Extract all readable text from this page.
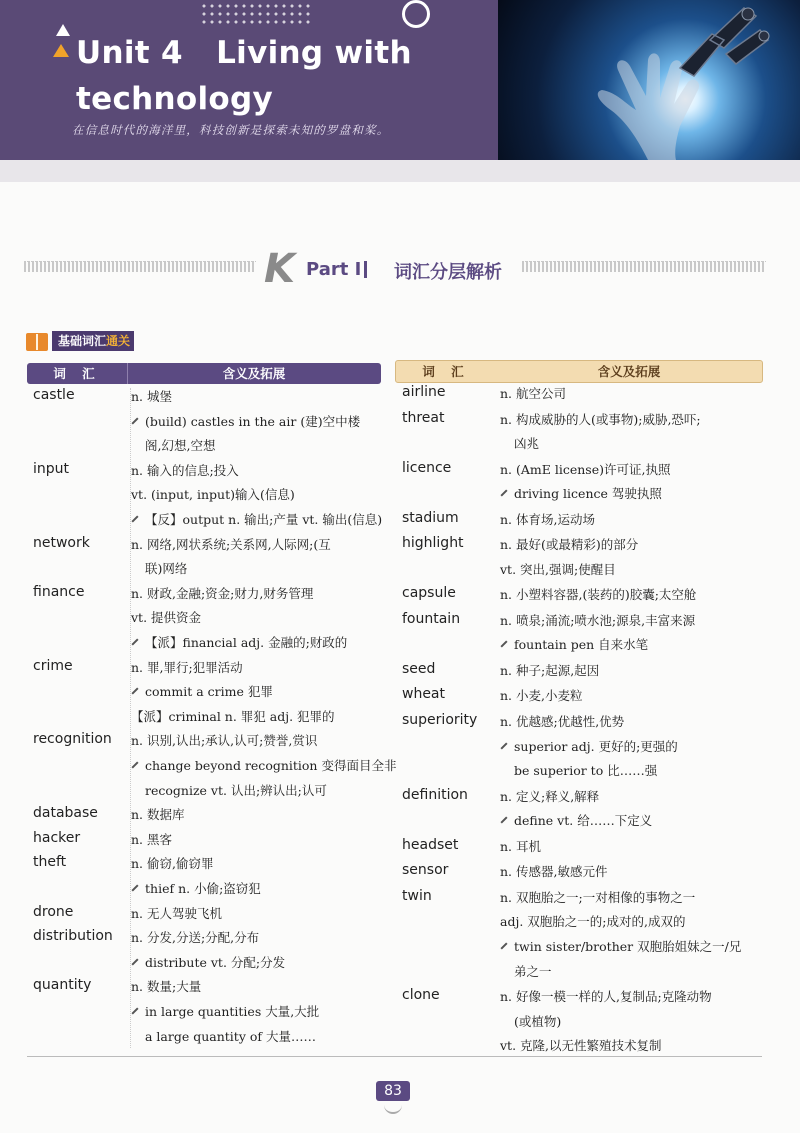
Unit 4   Living with
technology
在信息时代的海洋里，科技创新是探索未知的罗盘和桨。
K Part Ⅰ 词汇分层解析
基础词汇通关
词 汇	含义及拓展	词 汇	含义及拓展
castle	n. 城堡
(build) castles in the air (建)空中楼
阁,幻想,空想
input	n. 输入的信息;投入
vt. (input, input)输入(信息)
【反】output n. 输出;产量 vt. 输出(信息)
network	n. 网络,网状系统;关系网,人际网;(互
联)网络
finance	n. 财政,金融;资金;财力,财务管理
vt. 提供资金
【派】financial adj. 金融的;财政的
crime	n. 罪,罪行;犯罪活动
commit a crime 犯罪
【派】criminal n. 罪犯 adj. 犯罪的
recognition n. 识别,认出;承认,认可;赞誉,赏识
change beyond recognition 变得面目全非
recognize vt. 认出;辨认出;认可
database	n. 数据库
hacker	n. 黑客
theft	n. 偷窃,偷窃罪
thief n. 小偷;盗窃犯
drone	n. 无人驾驶飞机
distribution n. 分发,分送;分配,分布
distribute vt. 分配;分发
quantity	n. 数量;大量
in large quantities 大量,大批
a large quantity of 大量……
airline	n. 航空公司
threat	n. 构成威胁的人(或事物);威胁,恐吓;
凶兆
licence	n. (AmE license)许可证,执照
driving licence 驾驶执照
stadium	n. 体育场,运动场
highlight	n. 最好(或最精彩)的部分
vt. 突出,强调;使醒目
capsule	n. 小塑料容器,(装药的)胶囊;太空舱
fountain	n. 喷泉;涌流;喷水池;源泉,丰富来源
fountain pen 自来水笔
seed	n. 种子;起源,起因
wheat	n. 小麦,小麦粒
superiority n. 优越感;优越性,优势
superior adj. 更好的;更强的
be superior to 比……强
definition	n. 定义;释义,解释
define vt. 给……下定义
headset	n. 耳机
sensor	n. 传感器,敏感元件
twin	n. 双胞胎之一;一对相像的事物之一
adj. 双胞胎之一的;成对的,成双的
twin sister/brother 双胞胎姐妹之一/兄
弟之一
clone	n. 好像一模一样的人,复制品;克隆动物
(或植物)
vt. 克隆,以无性繁殖技术复制
83
